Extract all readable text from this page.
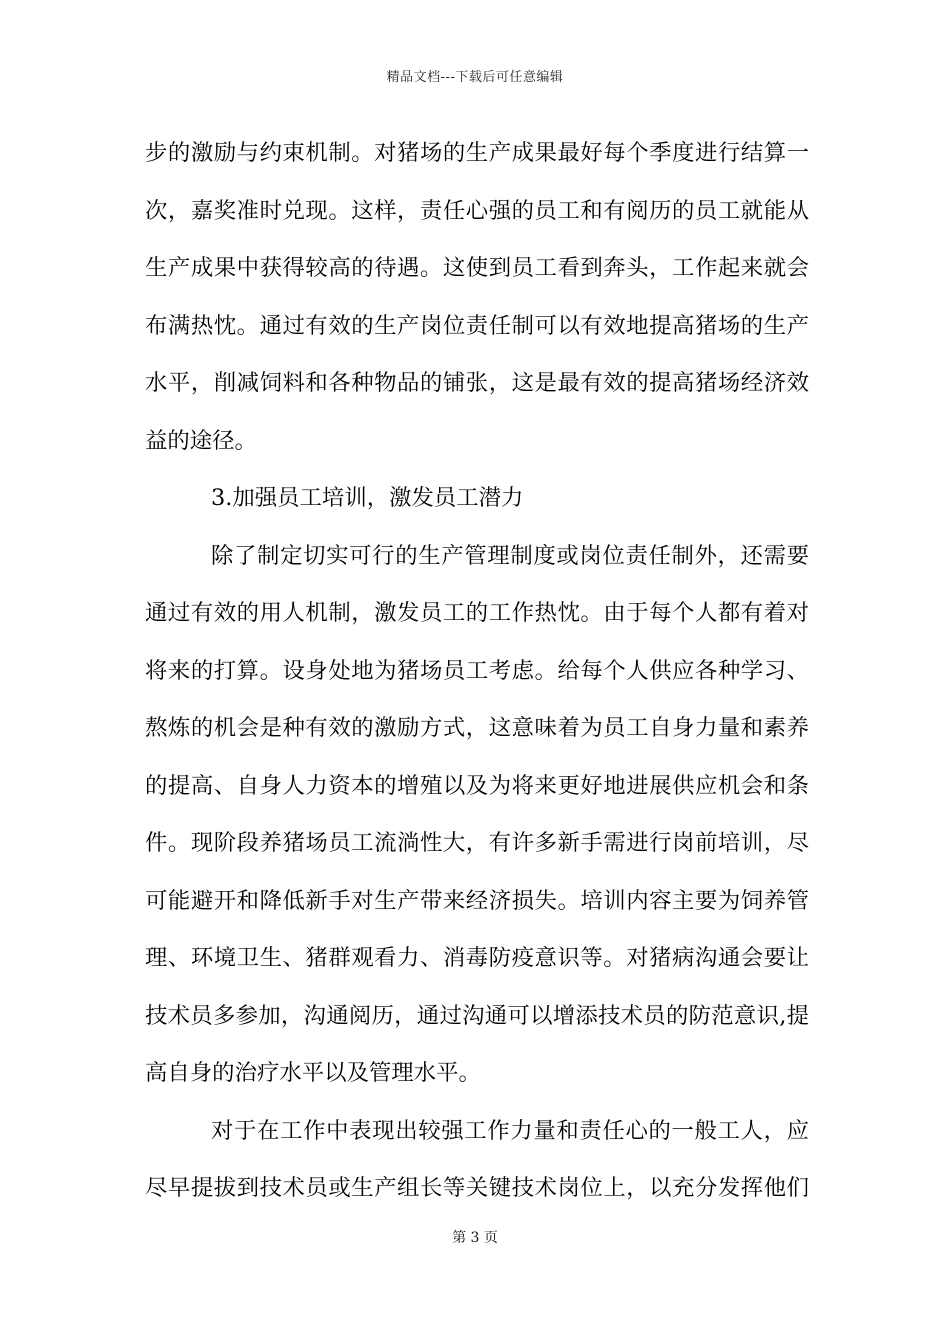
精品文档---下载后可任意编辑
步的激励与约束机制。对猪场的生产成果最好每个季度进行结算一
次，嘉奖准时兑现。这样，责任心强的员工和有阅历的员工就能从
生产成果中获得较高的待遇。这使到员工看到奔头，工作起来就会
布满热忱。通过有效的生产岗位责任制可以有效地提高猪场的生产
水平，削减饲料和各种物品的铺张，这是最有效的提高猪场经济效
益的途径。
3.加强员工培训，激发员工潜力
除了制定切实可行的生产管理制度或岗位责任制外，还需要
通过有效的用人机制，激发员工的工作热忱。由于每个人都有着对
将来的打算。设身处地为猪场员工考虑。给每个人供应各种学习、
熬炼的机会是种有效的激励方式，这意味着为员工自身力量和素养
的提高、自身人力资本的增殖以及为将来更好地进展供应机会和条
件。现阶段养猪场员工流淌性大，有许多新手需进行岗前培训，尽
可能避开和降低新手对生产带来经济损失。培训内容主要为饲养管
理、环境卫生、猪群观看力、消毒防疫意识等。对猪病沟通会要让
技术员多参加，沟通阅历，通过沟通可以增添技术员的防范意识,提
高自身的治疗水平以及管理水平。
对于在工作中表现出较强工作力量和责任心的一般工人，应
尽早提拔到技术员或生产组长等关键技术岗位上，以充分发挥他们
第 3 页
